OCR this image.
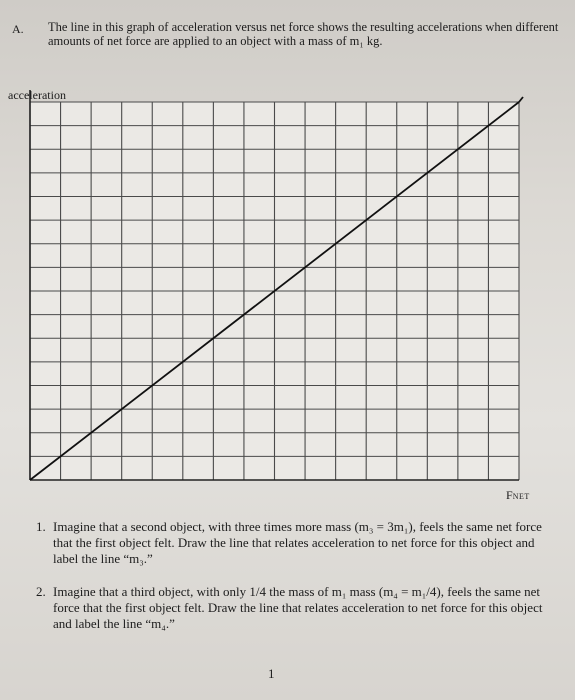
A. The line in this graph of acceleration versus net force shows the resulting accelerations when different amounts of net force are applied to an object with a mass of m₁ kg.
acceleration
FNET
1. Imagine that a second object, with three times more mass (m₃ = 3m₁), feels the same net force that the first object felt. Draw the line that relates acceleration to net force for this object and label the line “m₃.”
2. Imagine that a third object, with only 1/4 the mass of m₁ mass (m₄ = m₁/4), feels the same net force that the first object felt. Draw the line that relates acceleration to net force for this object and label the line “m₄.”
1
